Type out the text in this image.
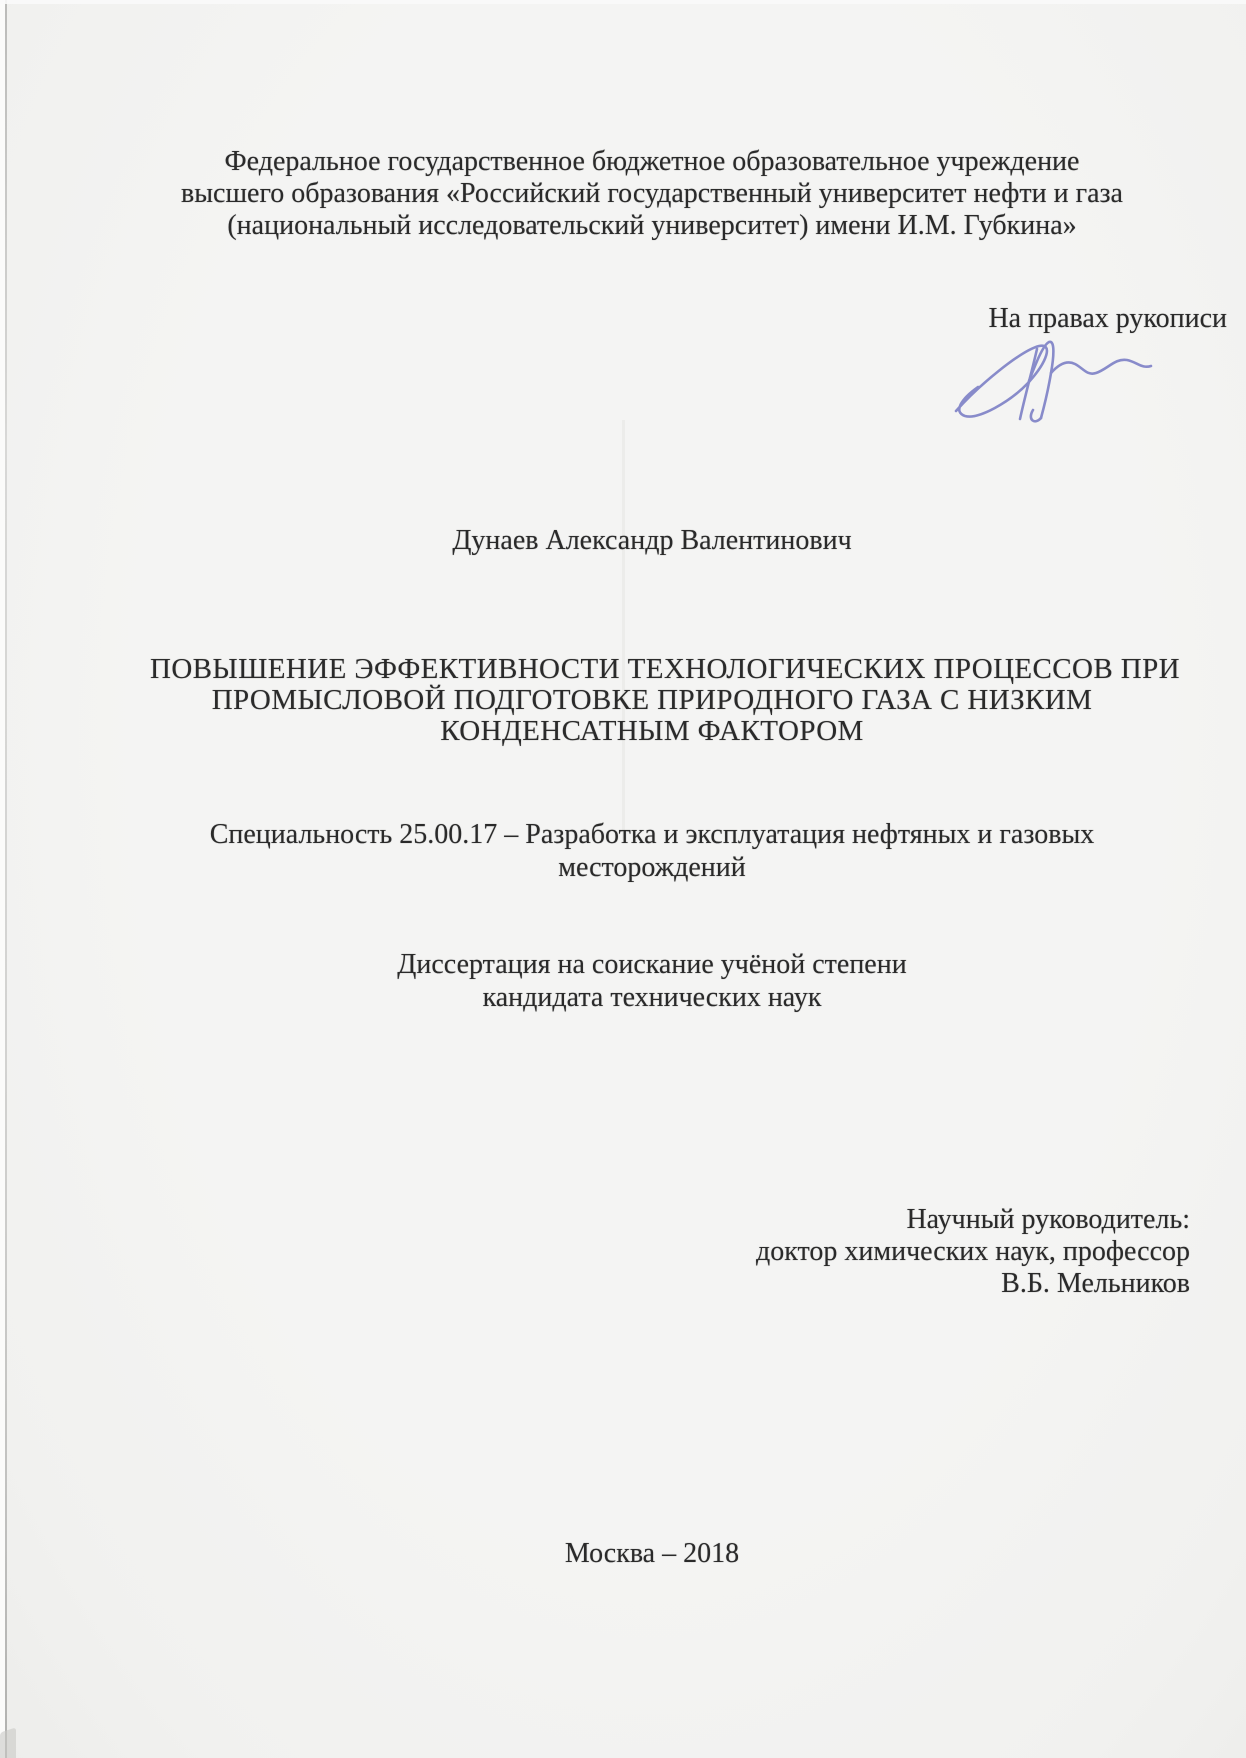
Федеральное государственное бюджетное образовательное учреждение
высшего образования «Российский государственный университет нефти и газа
(национальный исследовательский университет) имени И.М. Губкина»
На правах рукописи
Дунаев Александр Валентинович
ПОВЫШЕНИЕ ЭФФЕКТИВНОСТИ ТЕХНОЛОГИЧЕСКИХ ПРОЦЕССОВ ПРИ
ПРОМЫСЛОВОЙ ПОДГОТОВКЕ ПРИРОДНОГО ГАЗА С НИЗКИМ
КОНДЕНСАТНЫМ ФАКТОРОМ
Специальность 25.00.17 – Разработка и эксплуатация нефтяных и газовых
месторождений
Диссертация на соискание учёной степени
кандидата технических наук
Научный руководитель:
доктор химических наук, профессор
В.Б. Мельников
Москва – 2018
